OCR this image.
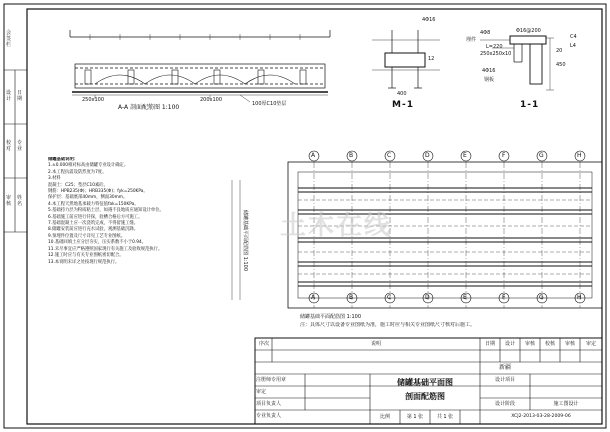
会签栏
设计
校对
审核
日期
专业
姓名
A-A 剖面配筋图 1:100
250x100	200x100
100厚C10垫层
4Φ16
400
12
M-1
埋件
4Φ8
L=220
Φ16@200
250x250x10
4Φ16
C4
L4
钢板
450
20
1-1
储罐基础说明：
1.±0.000相对标高由储罐专业设计确定。
2.本工程抗震设防烈度为7度。
3.材料
混凝土：C25；垫层C10素砼。
钢筋：HPB235(Φ)；HRB335(Φ)；fyk=250KPa。
保护层：基础底部40mm，侧面30mm。
4.本工程天然地基承载力特征值fak=150KPa。
5.基础持力层为粉质粘土层，如遇不良地质应通知设计单位。
6.基础施工前应进行钎探，验槽合格后方可施工。
7.基础混凝土应一次浇筑完成，不得留施工缝。
8.储罐安装前应进行充水试验，观测基础沉降。
9.预埋件位置及尺寸详见工艺专业图纸。
10.基础回填土应分层夯实，压实系数不小于0.94。
11.未尽事宜应严格遵照国家现行有关施工及验收规范执行。
12.施工时应与有关专业图纸密切配合。
13.本说明未详之处按现行规范执行。	储罐基础平面配筋图 1:100
A	B	C	D	E	F	G	H
A	B	C	D	E	F	G	H
储罐基础平面配筋图 1:100
注：具体尺寸以设备专业图纸为准，施工时应与相关专业图纸尺寸核对后施工。
土木在线
序次	说明	日期	设计	审核	校核	审核	审定
新疆
注册师专用章
审定
项目负责人
专业负责人
储罐基础平面图
剖面配筋图
设计项目
设计阶段	施工图设计
比例	第 1 张	共 1 张	XCJ2-2013-03-28-2009-06
